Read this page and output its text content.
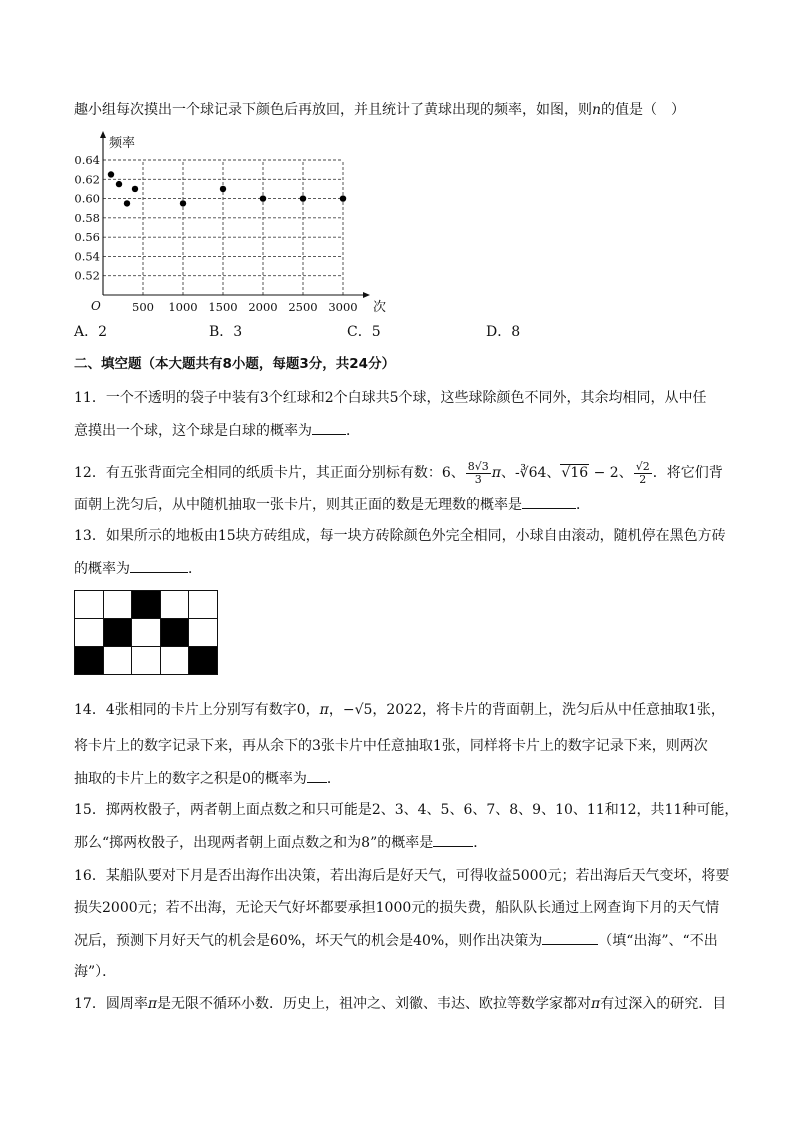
趣小组每次摸出一个球记录下颜色后再放回，并且统计了黄球出现的频率，如图，则n的值是（　）
0.52
0.54
0.56
0.58
0.60
0.62
0.64
500 1000 1500 2000 2500 3000
频率
次
O
A．2	B．3	C．5	D．8
二、填空题（本大题共有8小题，每题3分，共24分）
11．一个不透明的袋子中装有3个红球和2个白球共5个球，这些球除颜色不同外，其余均相同，从中任
意摸出一个球，这个球是白球的概率为 ．
12．有五张背面完全相同的纸质卡片，其正面分别标有数：6、 $\frac{8√3}{3}$ π、-∛64、√16 − 2、 $\frac{√2}{2}$ ．将它们背
面朝上洗匀后，从中随机抽取一张卡片，则其正面的数是无理数的概率是	．
13．如果所示的地板由15块方砖组成，每一块方砖除颜色外完全相同，小球自由滚动，随机停在黑色方砖
的概率为	．

14．4张相同的卡片上分别写有数字0，π，−√5，2022，将卡片的背面朝上，洗匀后从中任意抽取1张，
将卡片上的数字记录下来，再从余下的3张卡片中任意抽取1张，同样将卡片上的数字记录下来，则两次
抽取的卡片上的数字之积是0的概率为 ．
15．掷两枚骰子，两者朝上面点数之和只可能是2、3、4、5、6、7、8、9、10、11和12，共11种可能，
那么“掷两枚骰子，出现两者朝上面点数之和为8”的概率是	．
16．某船队要对下月是否出海作出决策，若出海后是好天气，可得收益5000元；若出海后天气变坏，将要
损失2000元；若不出海，无论天气好坏都要承担1000元的损失费，船队队长通过上网查询下月的天气情
况后，预测下月好天气的机会是60%，坏天气的机会是40%，则作出决策为	（填“出海”、“不出
海”）．
17．圆周率π是无限不循环小数．历史上，祖冲之、刘徽、韦达、欧拉等数学家都对π有过深入的研究．目
